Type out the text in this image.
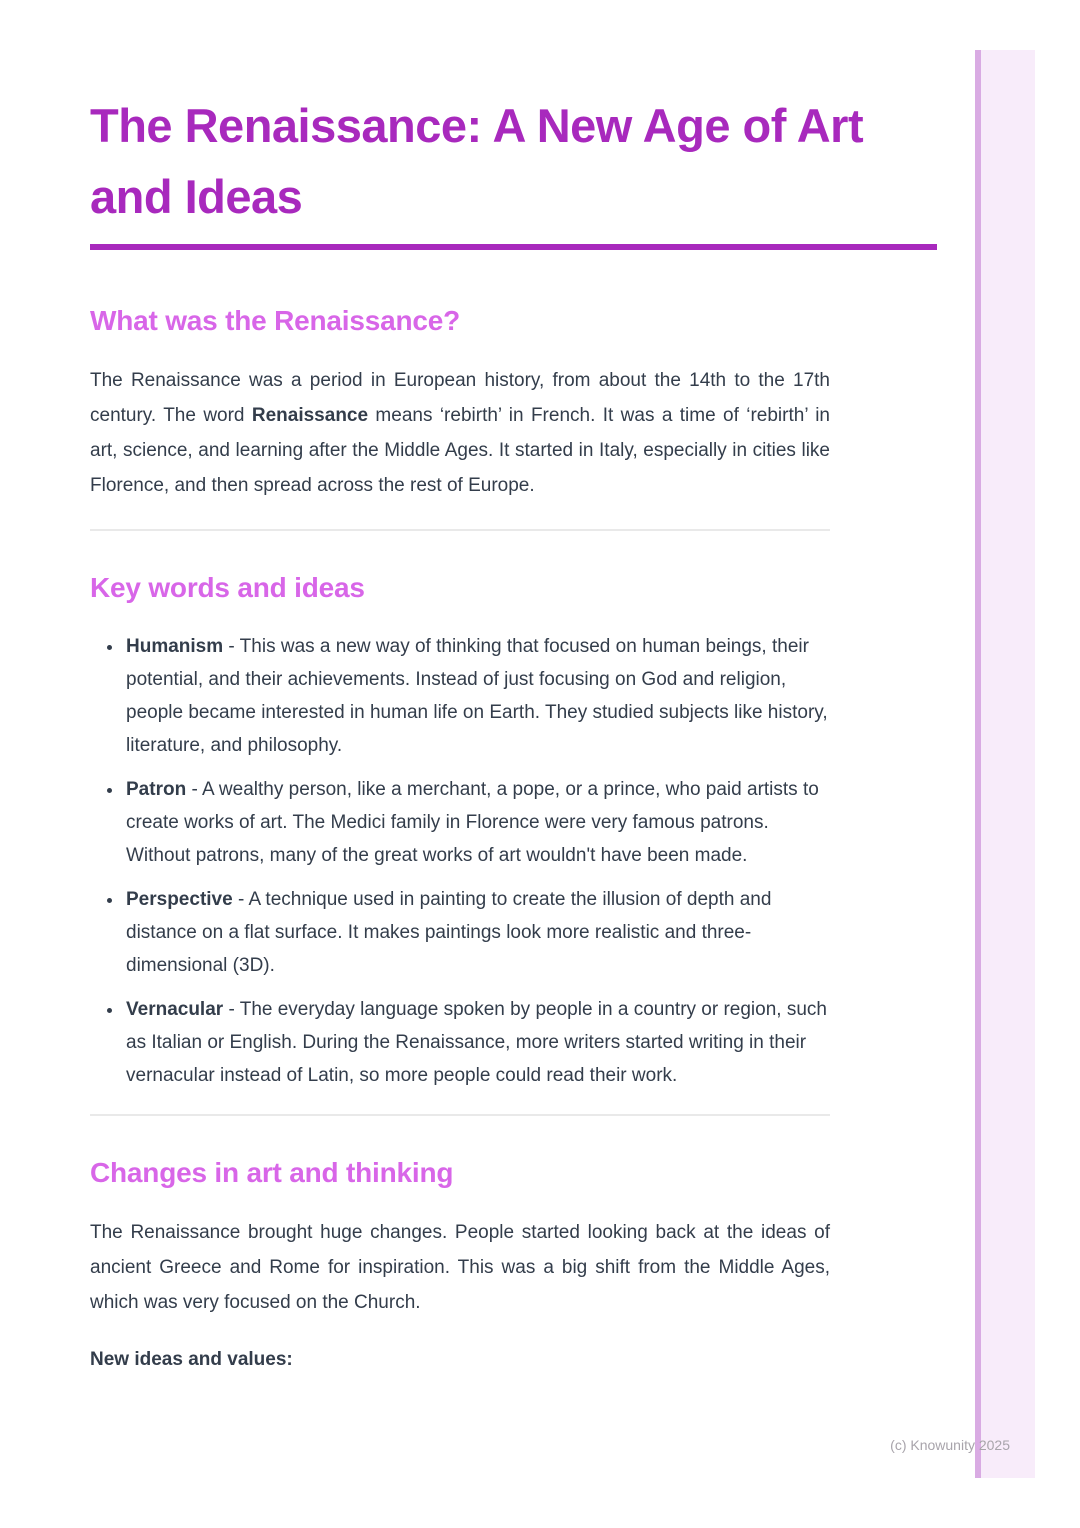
The Renaissance: A New Age of Art and Ideas
What was the Renaissance?

The Renaissance was a period in European history, from about the 14th to the 17th century. The word Renaissance means ‘rebirth’ in French. It was a time of ‘rebirth’ in art, science, and learning after the Middle Ages. It started in Italy, especially in cities like Florence, and then spread across the rest of Europe.

Key words and ideas
• Humanism - This was a new way of thinking that focused on human beings, their potential, and their achievements. Instead of just focusing on God and religion, people became interested in human life on Earth. They studied subjects like history, literature, and philosophy.
• Patron - A wealthy person, like a merchant, a pope, or a prince, who paid artists to create works of art. The Medici family in Florence were very famous patrons. Without patrons, many of the great works of art wouldn't have been made.
• Perspective - A technique used in painting to create the illusion of depth and distance on a flat surface. It makes paintings look more realistic and three-dimensional (3D).
• Vernacular - The everyday language spoken by people in a country or region, such as Italian or English. During the Renaissance, more writers started writing in their vernacular instead of Latin, so more people could read their work.
Changes in art and thinking

The Renaissance brought huge changes. People started looking back at the ideas of ancient Greece and Rome for inspiration. This was a big shift from the Middle Ages, which was very focused on the Church.

New ideas and values:

(c) Knowunity 2025
